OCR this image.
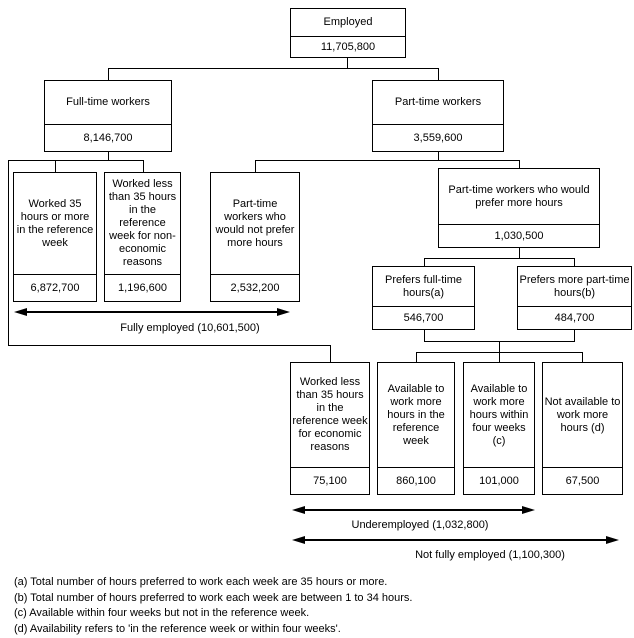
Employed
11,705,800
Full-time workers
8,146,700
Part-time workers
3,559,600
Worked 35 hours or more in the reference week
6,872,700
Worked less than 35 hours in the reference week for non-economic reasons
1,196,600
Part-time workers who would not prefer more hours
2,532,200
Part-time workers who would prefer more hours
1,030,500
Prefers full-time hours(a)
546,700
Prefers more part-time hours(b)
484,700
Worked less than 35 hours in the reference week for economic reasons
75,100
Available to work more hours in the reference week
860,100
Available to work more hours within four weeks (c)
101,000
Not available to work more hours (d)
67,500
Fully employed (10,601,500)
Underemployed (1,032,800)
Not fully employed (1,100,300)
(a) Total number of hours preferred to work each week are 35 hours or more.
(b) Total number of hours preferred to work each week are between 1 to 34 hours.
(c) Available within four weeks but not in the reference week.
(d) Availability refers to 'in the reference week or within four weeks'.
